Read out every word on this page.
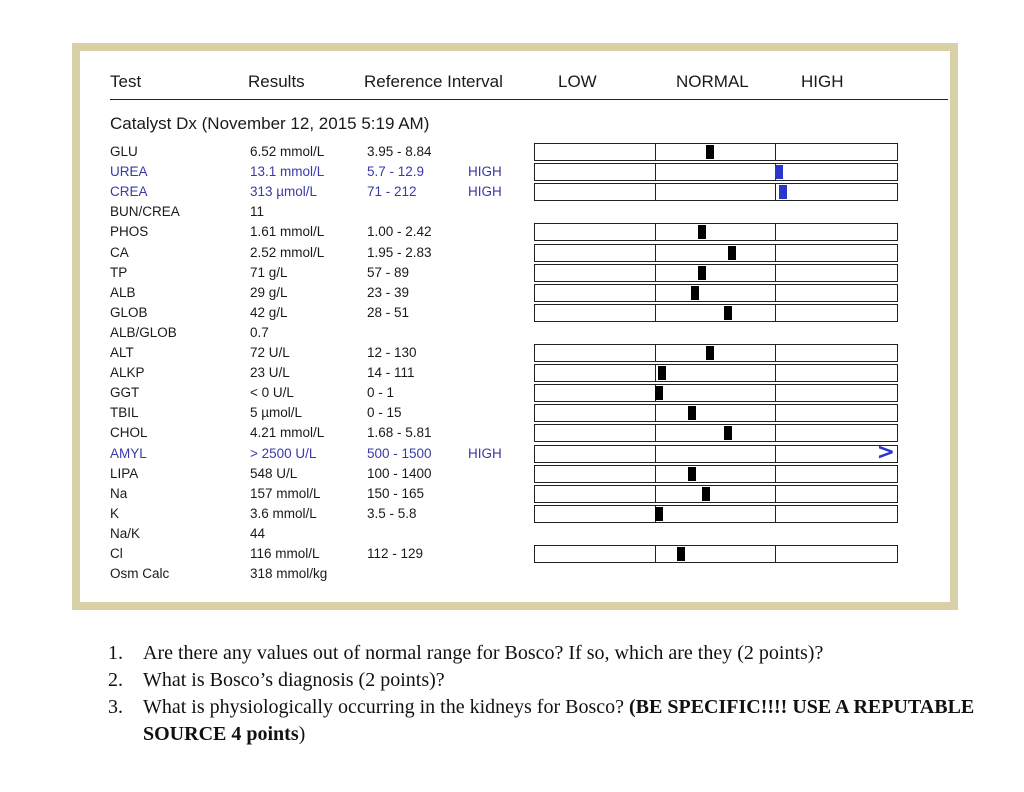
Test	Results	Reference Interval	LOW	NORMAL	HIGH
Catalyst Dx (November 12, 2015 5:19 AM)
GLU	6.52 mmol/L	3.95 - 8.84
UREA	13.1 mmol/L	5.7 - 12.9	HIGH
CREA	313 µmol/L	71 - 212	HIGH
BUN/CREA	11
PHOS	1.61 mmol/L	1.00 - 2.42
CA	2.52 mmol/L	1.95 - 2.83
TP	71 g/L	57 - 89
ALB	29 g/L	23 - 39
GLOB	42 g/L	28 - 51
ALB/GLOB	0.7
ALT	72 U/L	12 - 130
ALKP	23 U/L	14 - 111
GGT	< 0 U/L	0 - 1
TBIL	5 µmol/L	0 - 15
CHOL	4.21 mmol/L	1.68 - 5.81
AMYL	> 2500 U/L	500 - 1500	HIGH	>
LIPA	548 U/L	100 - 1400
Na	157 mmol/L	150 - 165
K	3.6 mmol/L	3.5 - 5.8
Na/K	44
Cl	116 mmol/L	112 - 129
Osm Calc	318 mmol/kg
1. Are there any values out of normal range for Bosco? If so, which are they (2 points)?
2. What is Bosco’s diagnosis (2 points)?
3. What is physiologically occurring in the kidneys for Bosco? (BE SPECIFIC!!!! USE A REPUTABLE SOURCE 4 points)
